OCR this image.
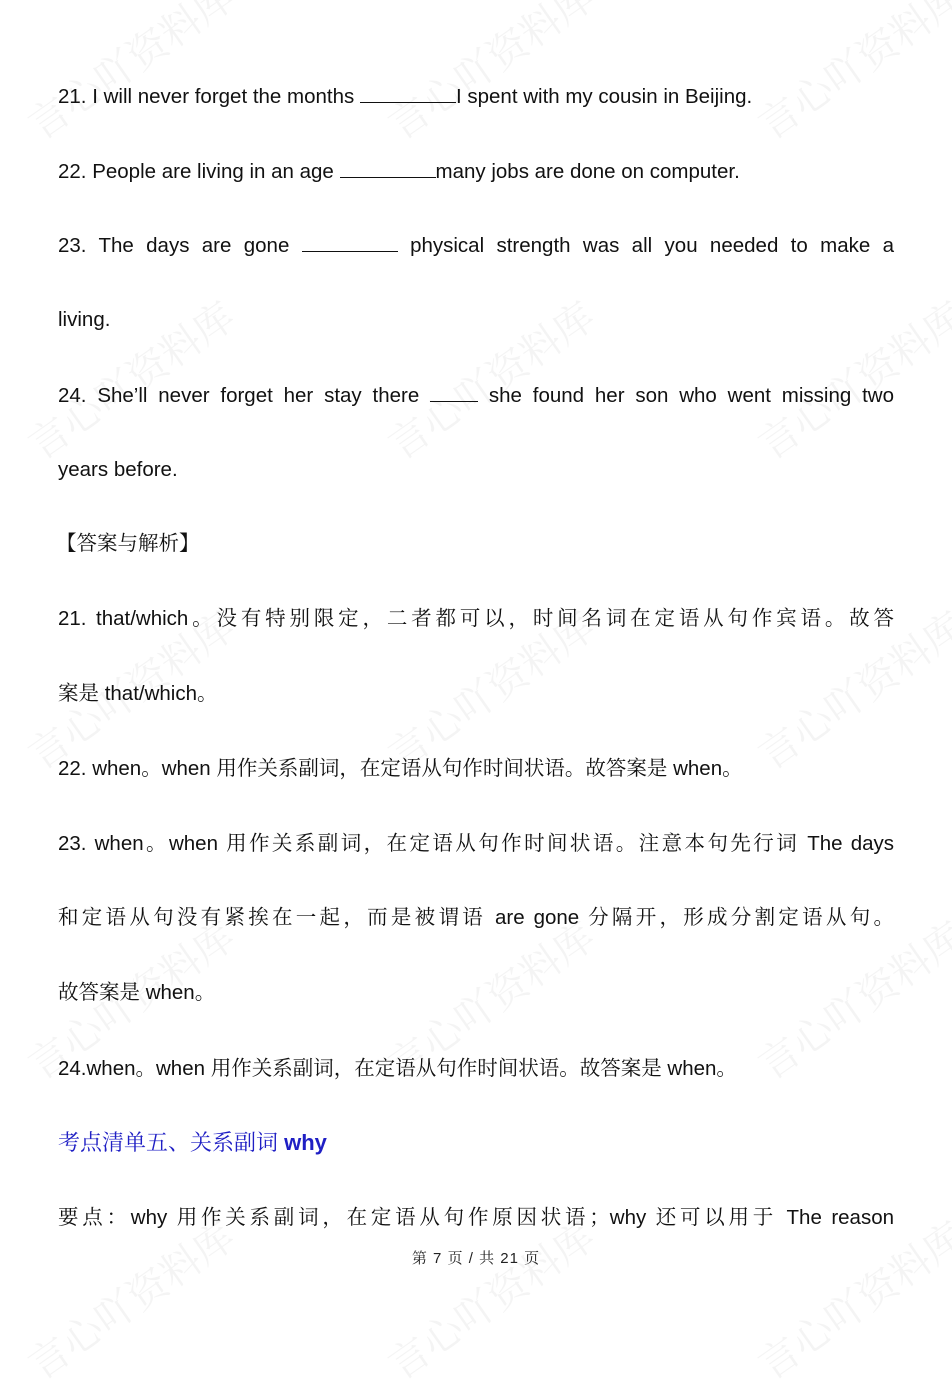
21. I will never forget the months	I spent with my cousin in Beijing.
22. People are living in an age	many jobs are done on computer.
23. The days are gone	physical strength was all you needed to make a
living.
24. She’ll never forget her stay there  she found her son who went missing two
years before.
【答案与解析】
21. that/which。没有特别限定，二者都可以，时间名词在定语从句作宾语。故答
案是 that/which。
22. when。when 用作关系副词，在定语从句作时间状语。故答案是 when。
23. when。when 用作关系副词，在定语从句作时间状语。注意本句先行词 The days
和定语从句没有紧挨在一起，而是被谓语 are gone 分隔开，形成分割定语从句。
故答案是 when。
24.when。when 用作关系副词，在定语从句作时间状语。故答案是 when。
考点清单五、关系副词 why
要点：why 用作关系副词，在定语从句作原因状语；why 还可以用于 The reason
第 7 页 / 共 21 页
